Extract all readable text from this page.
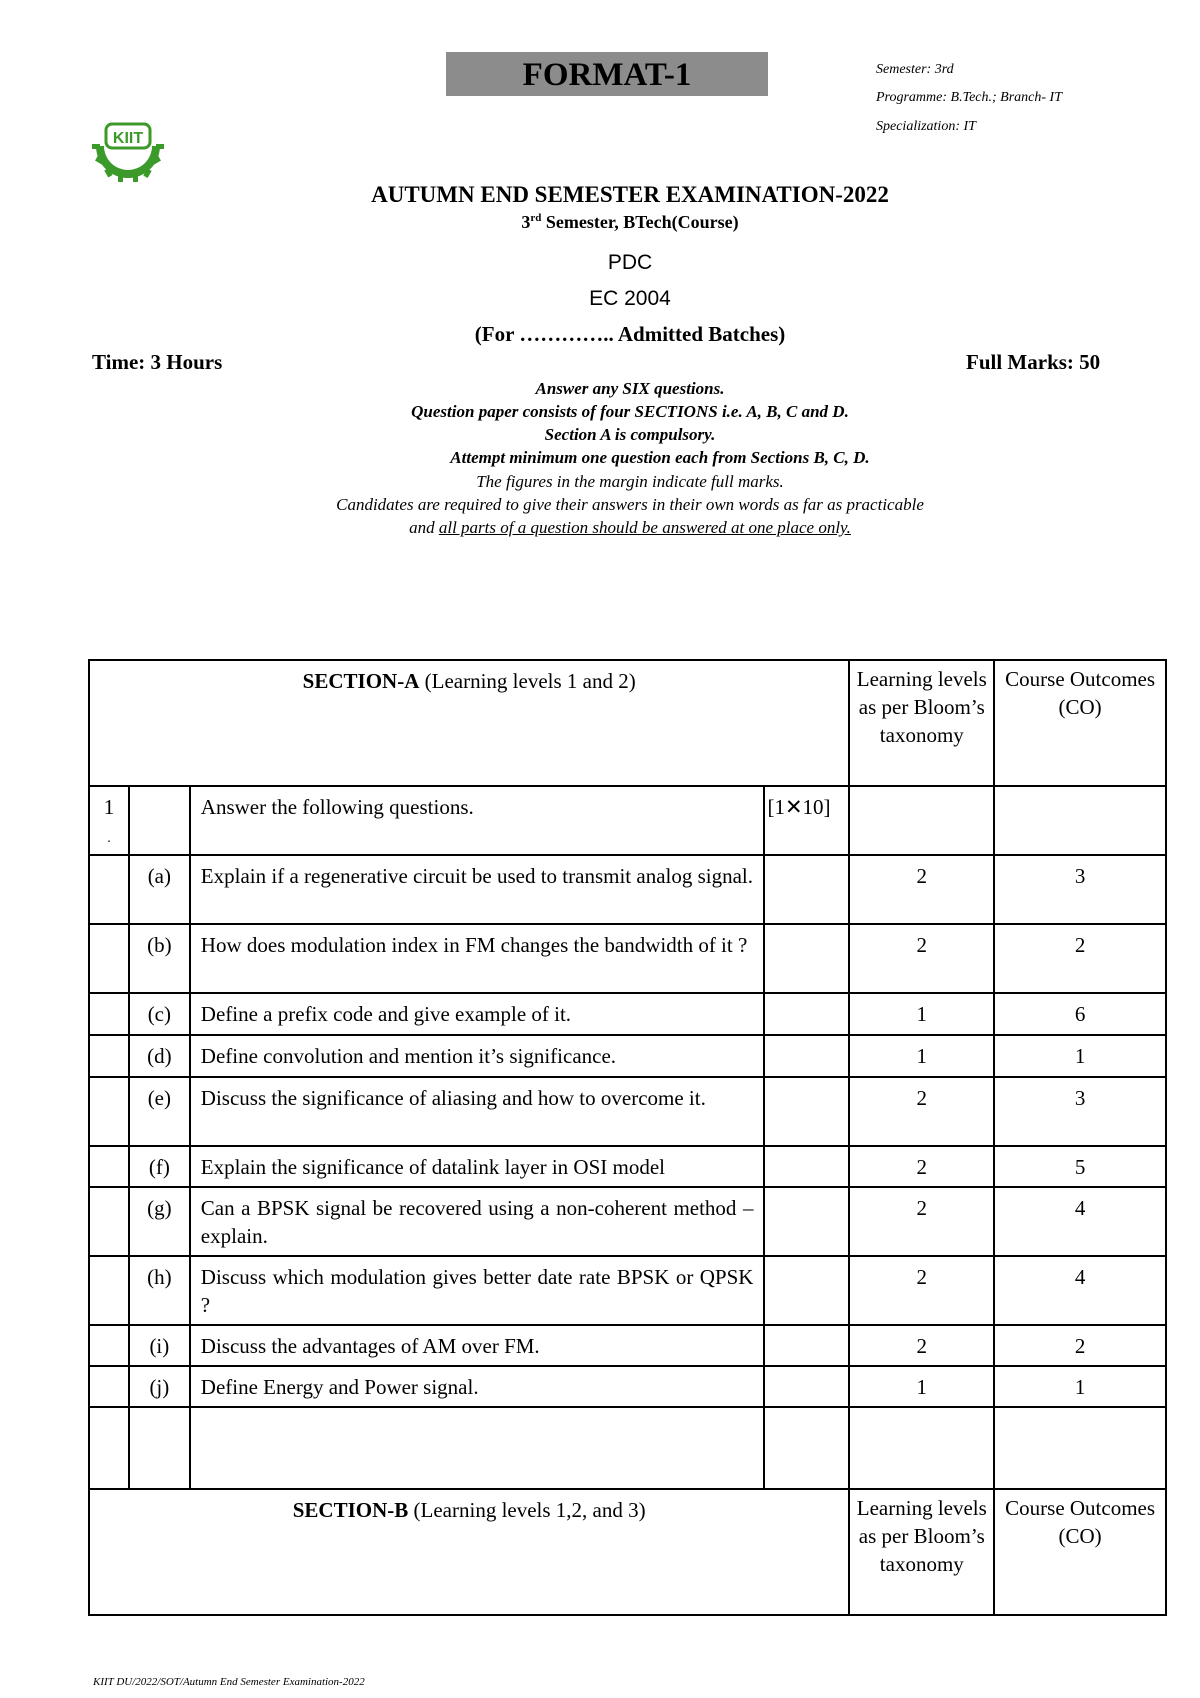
FORMAT-1	Semester: 3rd
Programme: B.Tech.; Branch- IT
Specialization: IT
KIIT
AUTUMN END SEMESTER EXAMINATION-2022
3rd Semester, BTech(Course)
PDC
EC 2004
(For ………….. Admitted Batches)
Time: 3 Hours	Full Marks: 50
Answer any SIX questions.
Question paper consists of four SECTIONS i.e. A, B, C and D.
Section A is compulsory.
Attempt minimum one question each from Sections B, C, D.
The figures in the margin indicate full marks.
Candidates are required to give their answers in their own words as far as practicable
and all parts of a question should be answered at one place only.
SECTION-A (Learning levels 1 and 2)				Learning levels as per Bloom’s taxonomy	Course Outcomes (CO)
1
.		Answer the following questions.	[1✕10]		
	(a)	Explain if a regenerative circuit be used to transmit analog signal.		2	3
	(b)	How does modulation index in FM changes the bandwidth of it ?		2	2
	(c)	Define a prefix code and give example of it.		1	6
	(d)	Define convolution and mention it’s significance.		1	1
	(e)	Discuss the significance of aliasing and how to overcome it.		2	3
	(f)	Explain the significance of datalink layer in OSI model		2	5
	(g)	Can a BPSK signal be recovered using a non-coherent method – explain.		2	4
	(h)	Discuss which modulation gives better date rate BPSK or QPSK ?		2	4
	(i)	Discuss the advantages of AM over FM.		2	2
	(j)	Define Energy and Power signal.		1	1

SECTION-B (Learning levels 1,2, and 3)				Learning levels as per Bloom’s taxonomy	Course Outcomes (CO)
KIIT DU/2022/SOT/Autumn End Semester Examination-2022
